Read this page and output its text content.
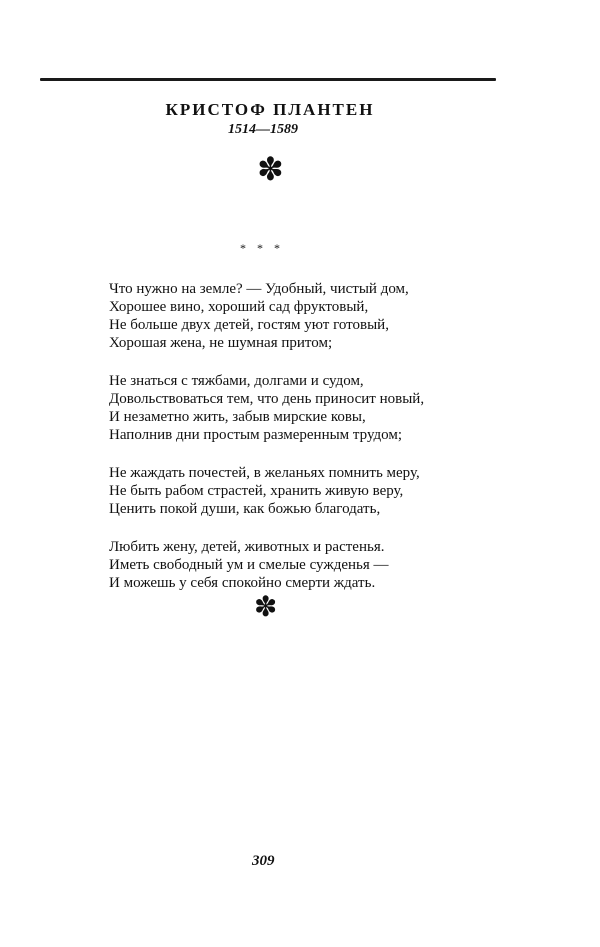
КРИСТОФ ПЛАНТЕН
1514—1589
✽
* * *
Что нужно на земле? — Удобный, чистый дом,
Хорошее вино, хороший сад фруктовый,
Не больше двух детей, гостям уют готовый,
Хорошая жена, не шумная притом;
Не знаться с тяжбами, долгами и судом,
Довольствоваться тем, что день приносит новый,
И незаметно жить, забыв мирские ковы,
Наполнив дни простым размеренным трудом;
Не жаждать почестей, в желаньях помнить меру,
Не быть рабом страстей, хранить живую веру,
Ценить покой души, как божью благодать,
Любить жену, детей, животных и растенья.
Иметь свободный ум и смелые сужденья —
И можешь у себя спокойно смерти ждать.
✽
309
